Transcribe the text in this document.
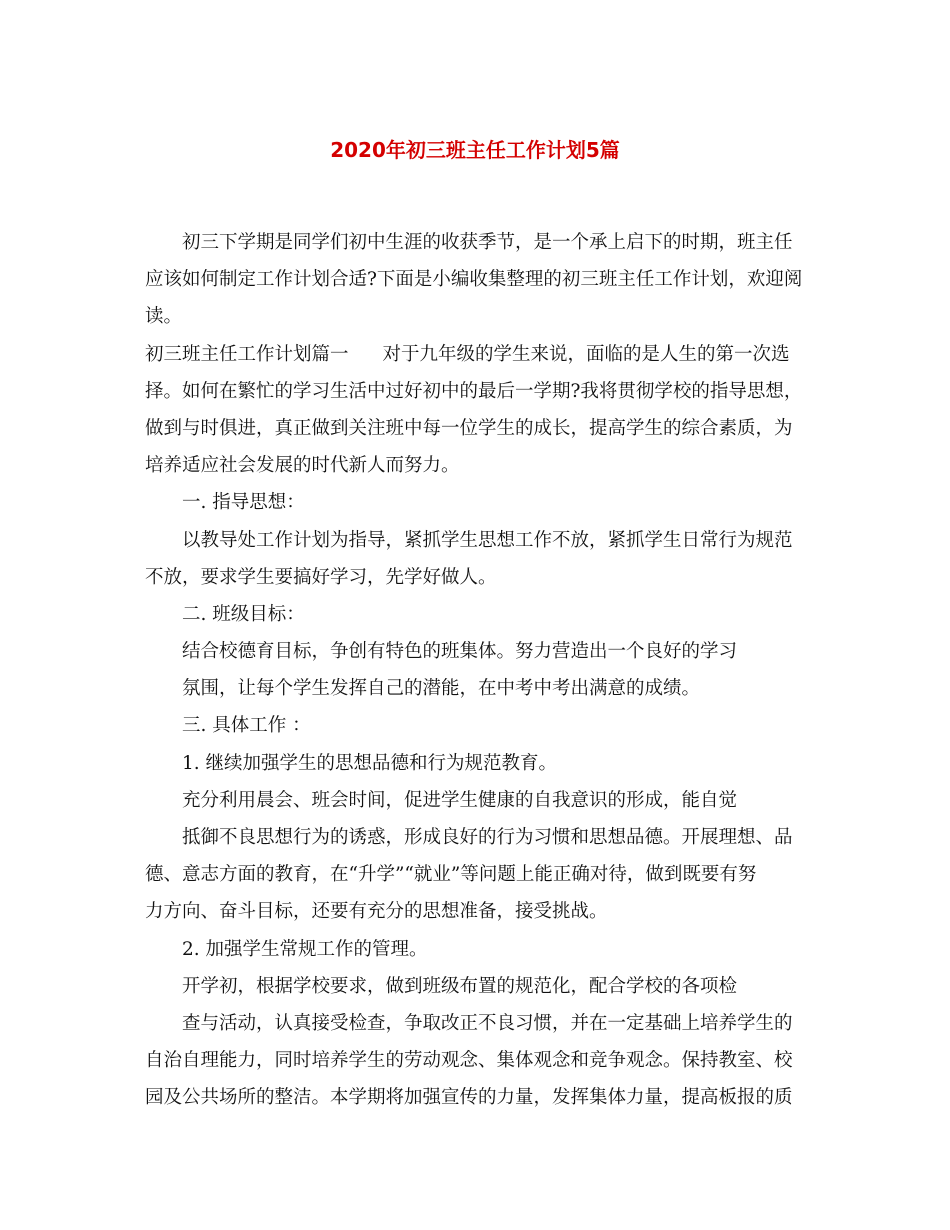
2020年初三班主任工作计划5篇

初三下学期是同学们初中生涯的收获季节，是一个承上启下的时期，班主任

应该如何制定工作计划合适?下面是小编收集整理的初三班主任工作计划，欢迎阅

读。

初三班主任工作计划篇一 对于九年级的学生来说，面临的是人生的第一次选

择。如何在繁忙的学习生活中过好初中的最后一学期?我将贯彻学校的指导思想，

做到与时俱进，真正做到关注班中每一位学生的成长，提高学生的综合素质，为

培养适应社会发展的时代新人而努力。

一. 指导思想：

以教导处工作计划为指导，紧抓学生思想工作不放，紧抓学生日常行为规范

不放，要求学生要搞好学习，先学好做人。

二. 班级目标：

结合校德育目标，争创有特色的班集体。努力营造出一个良好的学习

氛围，让每个学生发挥自己的潜能，在中考中考出满意的成绩。

三. 具体工作 ：

1. 继续加强学生的思想品德和行为规范教育。

充分利用晨会、班会时间，促进学生健康的自我意识的形成，能自觉

抵御不良思想行为的诱惑，形成良好的行为习惯和思想品德。开展理想、品

德、意志方面的教育，在“升学”“就业”等问题上能正确对待，做到既要有努

力方向、奋斗目标，还要有充分的思想准备，接受挑战。

2. 加强学生常规工作的管理。

开学初，根据学校要求，做到班级布置的规范化，配合学校的各项检

查与活动，认真接受检查，争取改正不良习惯，并在一定基础上培养学生的

自治自理能力，同时培养学生的劳动观念、集体观念和竞争观念。保持教室、校

园及公共场所的整洁。本学期将加强宣传的力量，发挥集体力量，提高板报的质
